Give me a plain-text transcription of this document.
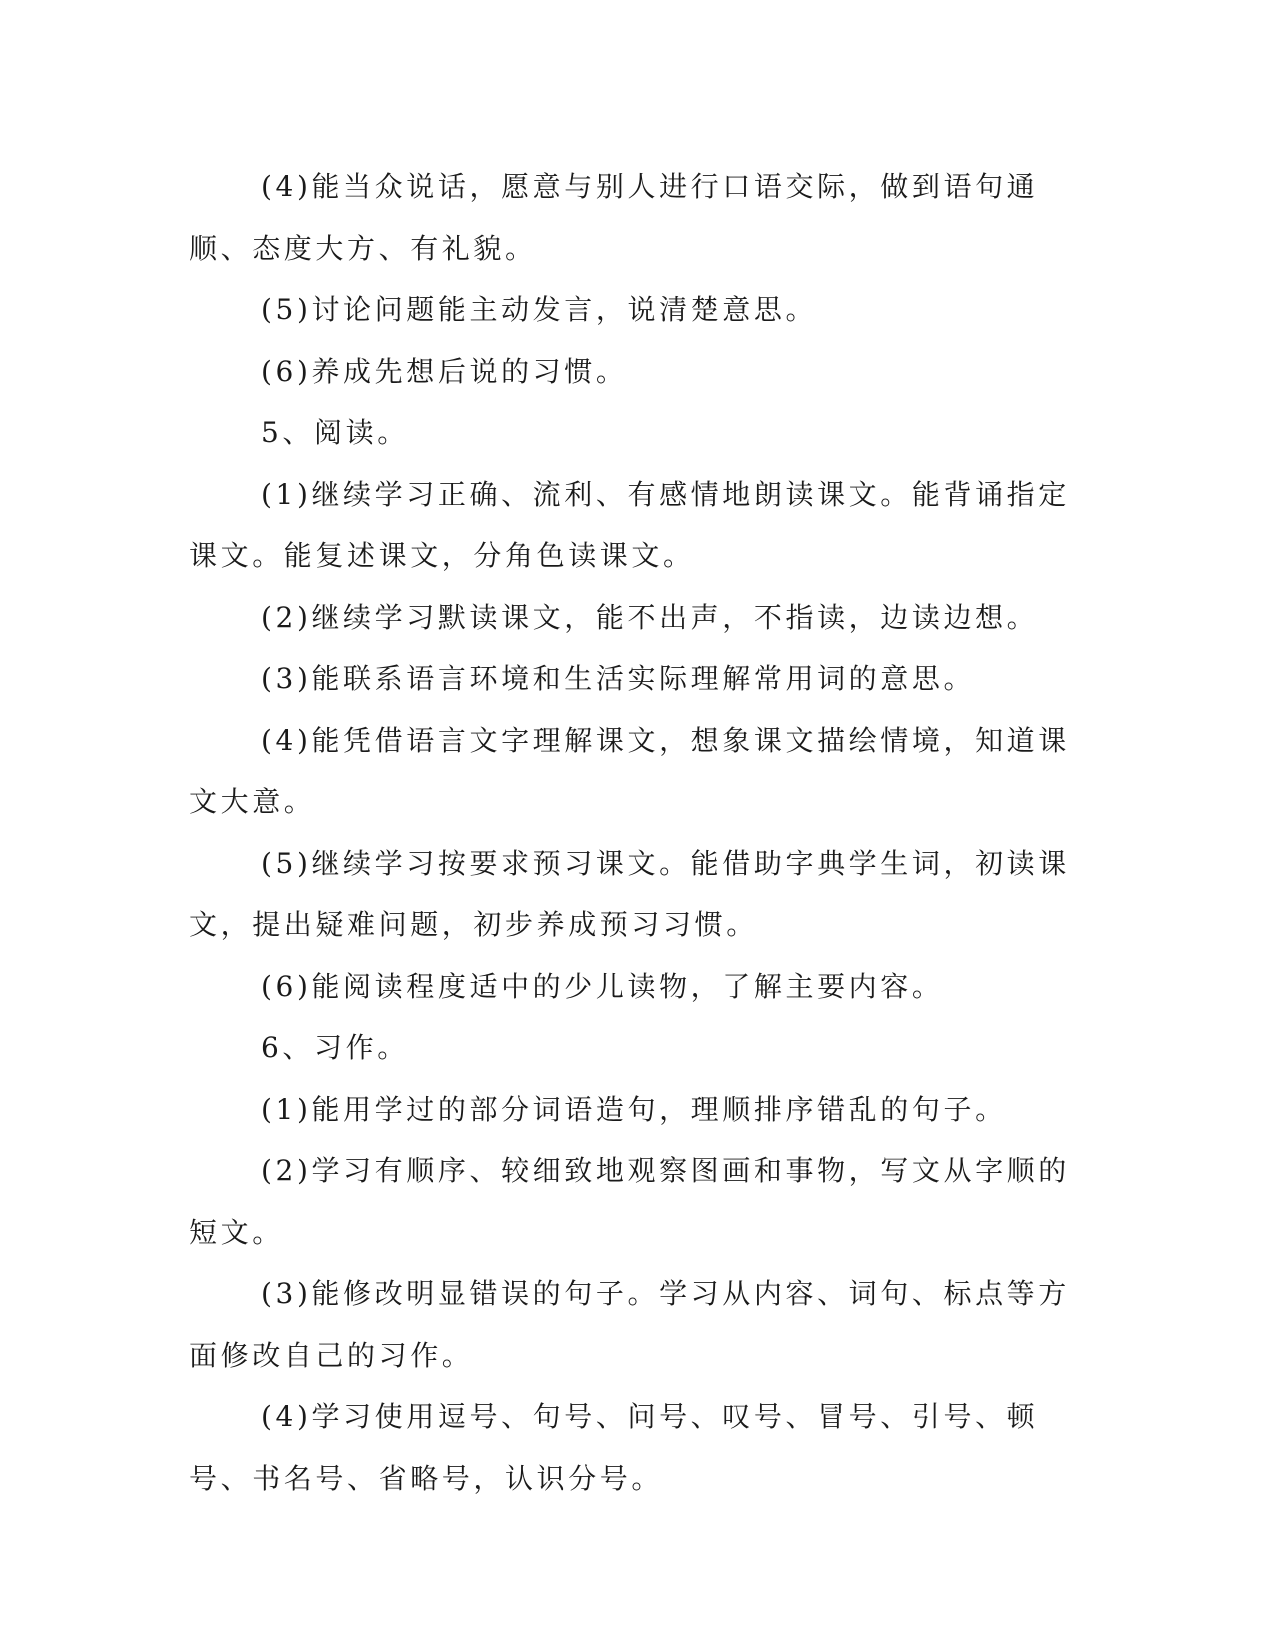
(4)能当众说话，愿意与别人进行口语交际，做到语句通顺、态度大方、有礼貌。

(5)讨论问题能主动发言，说清楚意思。

(6)养成先想后说的习惯。

5、阅读。

(1)继续学习正确、流利、有感情地朗读课文。能背诵指定课文。能复述课文，分角色读课文。

(2)继续学习默读课文，能不出声，不指读，边读边想。

(3)能联系语言环境和生活实际理解常用词的意思。

(4)能凭借语言文字理解课文，想象课文描绘情境，知道课文大意。

(5)继续学习按要求预习课文。能借助字典学生词，初读课文，提出疑难问题，初步养成预习习惯。

(6)能阅读程度适中的少儿读物，了解主要内容。

6、习作。

(1)能用学过的部分词语造句，理顺排序错乱的句子。

(2)学习有顺序、较细致地观察图画和事物，写文从字顺的短文。

(3)能修改明显错误的句子。学习从内容、词句、标点等方面修改自己的习作。

(4)学习使用逗号、句号、问号、叹号、冒号、引号、顿号、书名号、省略号，认识分号。
